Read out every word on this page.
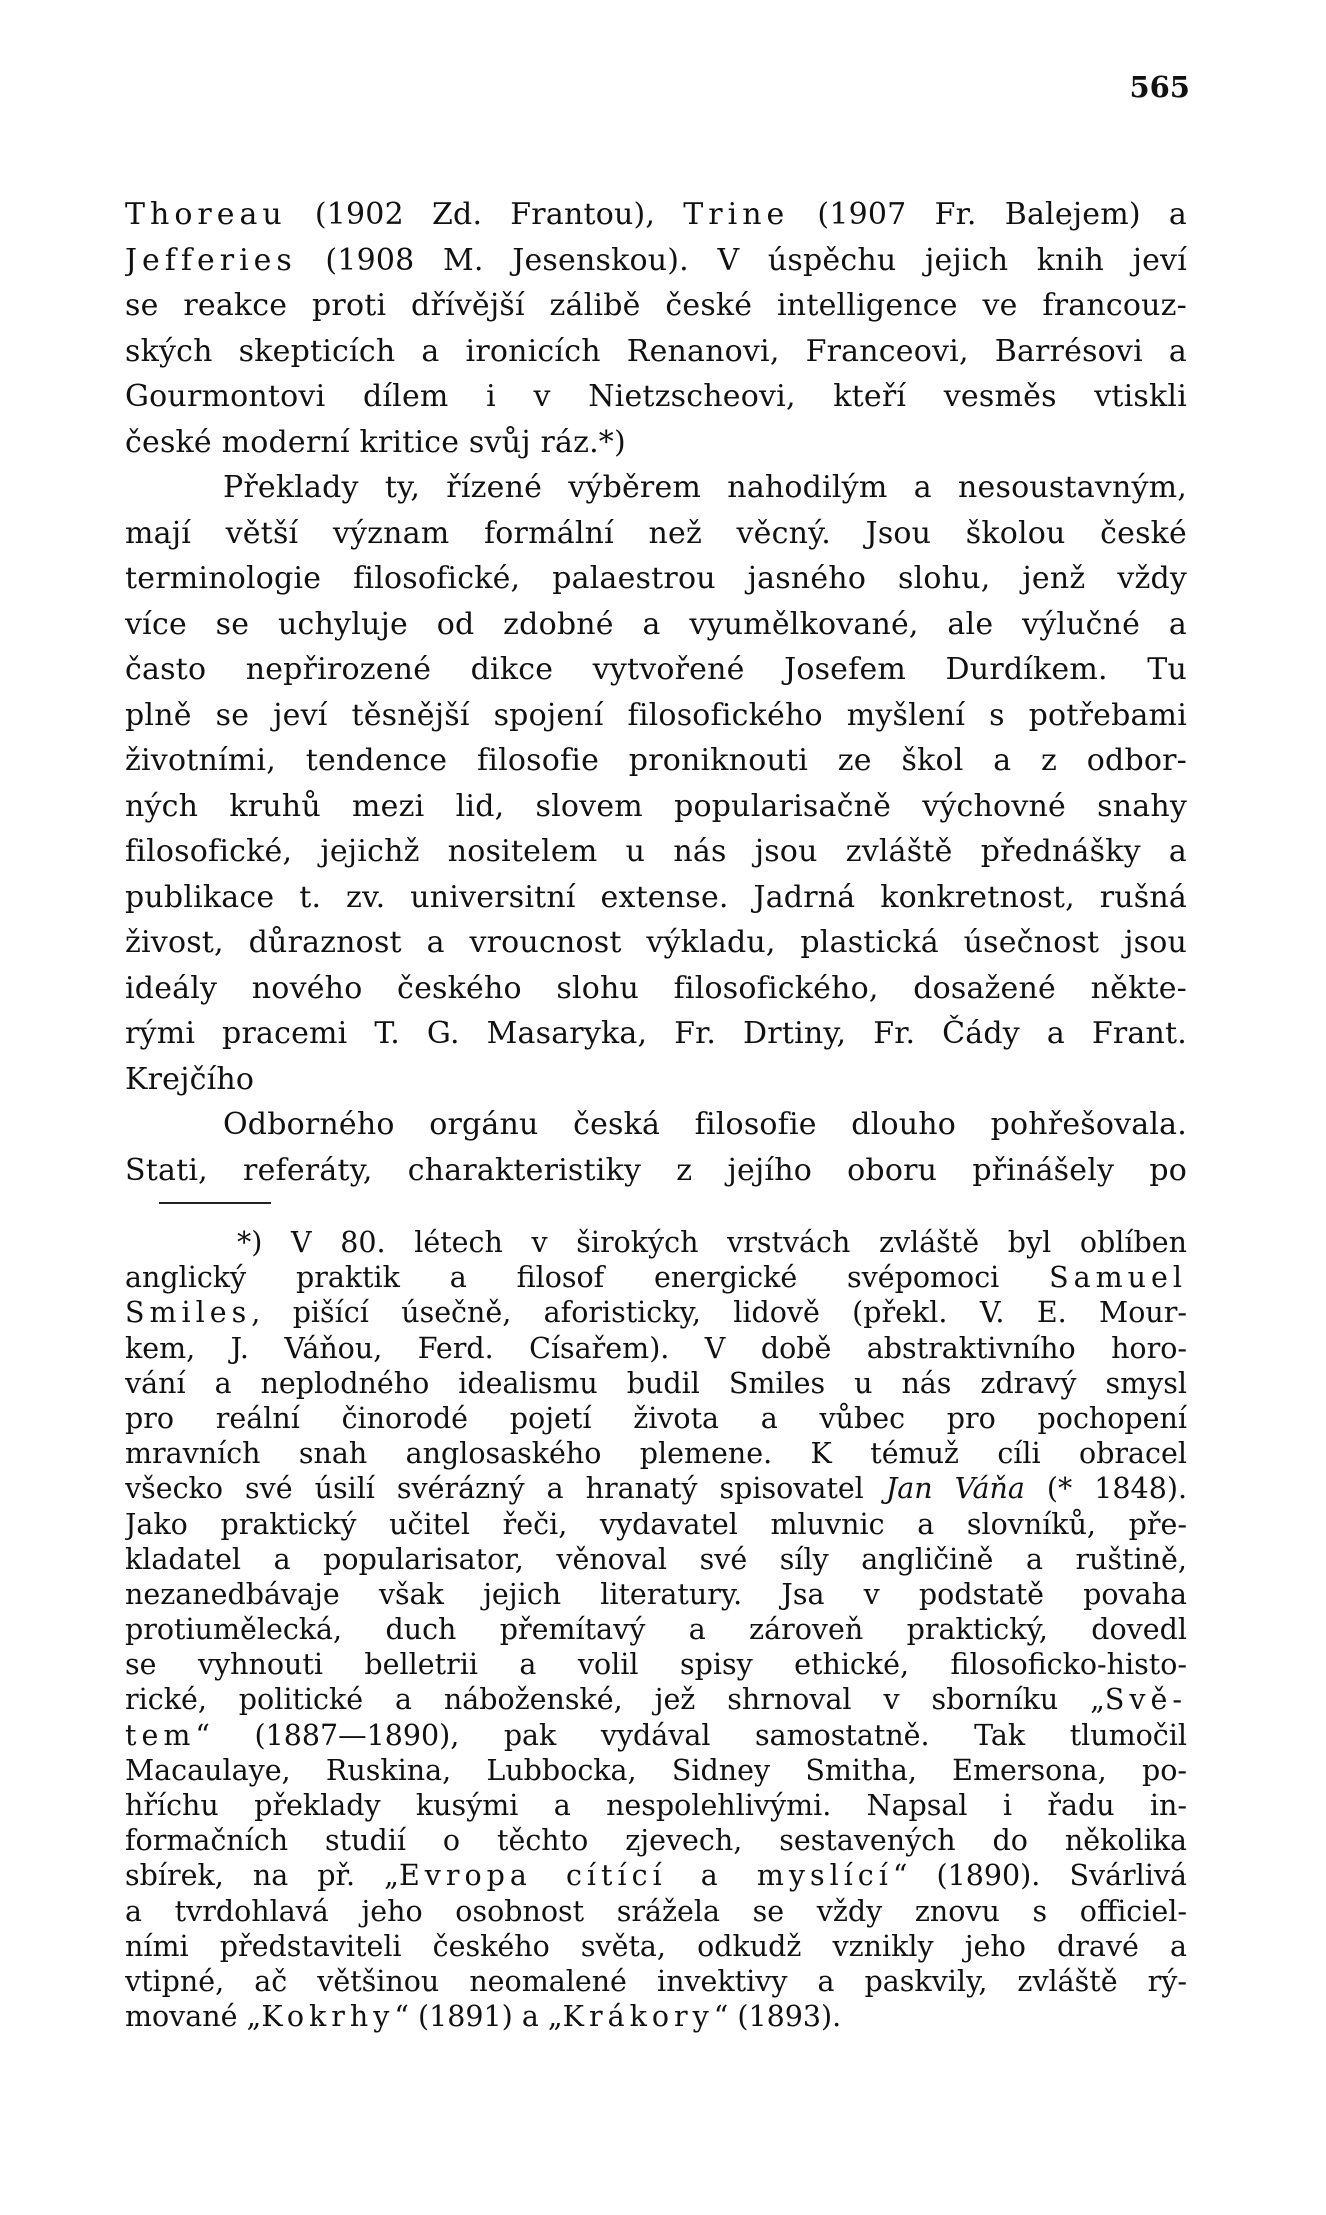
565
Thoreau (1902 Zd. Frantou), Trine (1907 Fr. Balejem) a
Jefferies (1908 M. Jesenskou). V úspěchu jejich knih jeví
se reakce proti dřívější zálibě české intelligence ve francouz-
ských skepticích a ironicích Renanovi, Franceovi, Barrésovi a
Gourmontovi dílem i v Nietzscheovi, kteří vesměs vtiskli
české moderní kritice svůj ráz.*)
Překlady ty, řízené výběrem nahodilým a nesoustavným,
mají větší význam formální než věcný. Jsou školou české
terminologie filosofické, palaestrou jasného slohu, jenž vždy
více se uchyluje od zdobné a vyumělkované, ale výlučné a
často nepřirozené dikce vytvořené Josefem Durdíkem. Tu
plně se jeví těsnější spojení filosofického myšlení s potřebami
životními, tendence filosofie proniknouti ze škol a z odbor-
ných kruhů mezi lid, slovem popularisačně výchovné snahy
filosofické, jejichž nositelem u nás jsou zvláště přednášky a
publikace t. zv. universitní extense. Jadrná konkretnost, rušná
živost, důraznost a vroucnost výkladu, plastická úsečnost jsou
ideály nového českého slohu filosofického, dosažené někte-
rými pracemi T. G. Masaryka, Fr. Drtiny, Fr. Čády a Frant.
Krejčího
Odborného orgánu česká filosofie dlouho pohřešovala.
Stati, referáty, charakteristiky z jejího oboru přinášely po
*) V 80. létech v širokých vrstvách zvláště byl oblíben
anglický praktik a filosof energické svépomoci Samuel
Smiles, pišící úsečně, aforisticky, lidově (překl. V. E. Mour-
kem, J. Váňou, Ferd. Císařem). V době abstraktivního horo-
vání a neplodného idealismu budil Smiles u nás zdravý smysl
pro reální činorodé pojetí života a vůbec pro pochopení
mravních snah anglosaského plemene. K témuž cíli obracel
všecko své úsilí svérázný a hranatý spisovatel Jan Váňa (* 1848).
Jako praktický učitel řeči, vydavatel mluvnic a slovníků, pře-
kladatel a popularisator, věnoval své síly angličině a ruštině,
nezanedbávaje však jejich literatury. Jsa v podstatě povaha
protiumělecká, duch přemítavý a zároveň praktický, dovedl
se vyhnouti belletrii a volil spisy ethické, filosoficko-histo-
rické, politické a náboženské, jež shrnoval v sborníku „Svě-
tem“ (1887—1890), pak vydával samostatně. Tak tlumočil
Macaulaye, Ruskina, Lubbocka, Sidney Smitha, Emersona, po-
hříchu překlady kusými a nespolehlivými. Napsal i řadu in-
formačních studií o těchto zjevech, sestavených do několika
sbírek, na př. „Evropa cítící a myslící“ (1890). Svárlivá
a tvrdohlavá jeho osobnost srážela se vždy znovu s officiel-
ními představiteli českého světa, odkudž vznikly jeho dravé a
vtipné, ač většinou neomalené invektivy a paskvily, zvláště rý-
mované „Kokrhy“ (1891) a „Krákory“ (1893).
